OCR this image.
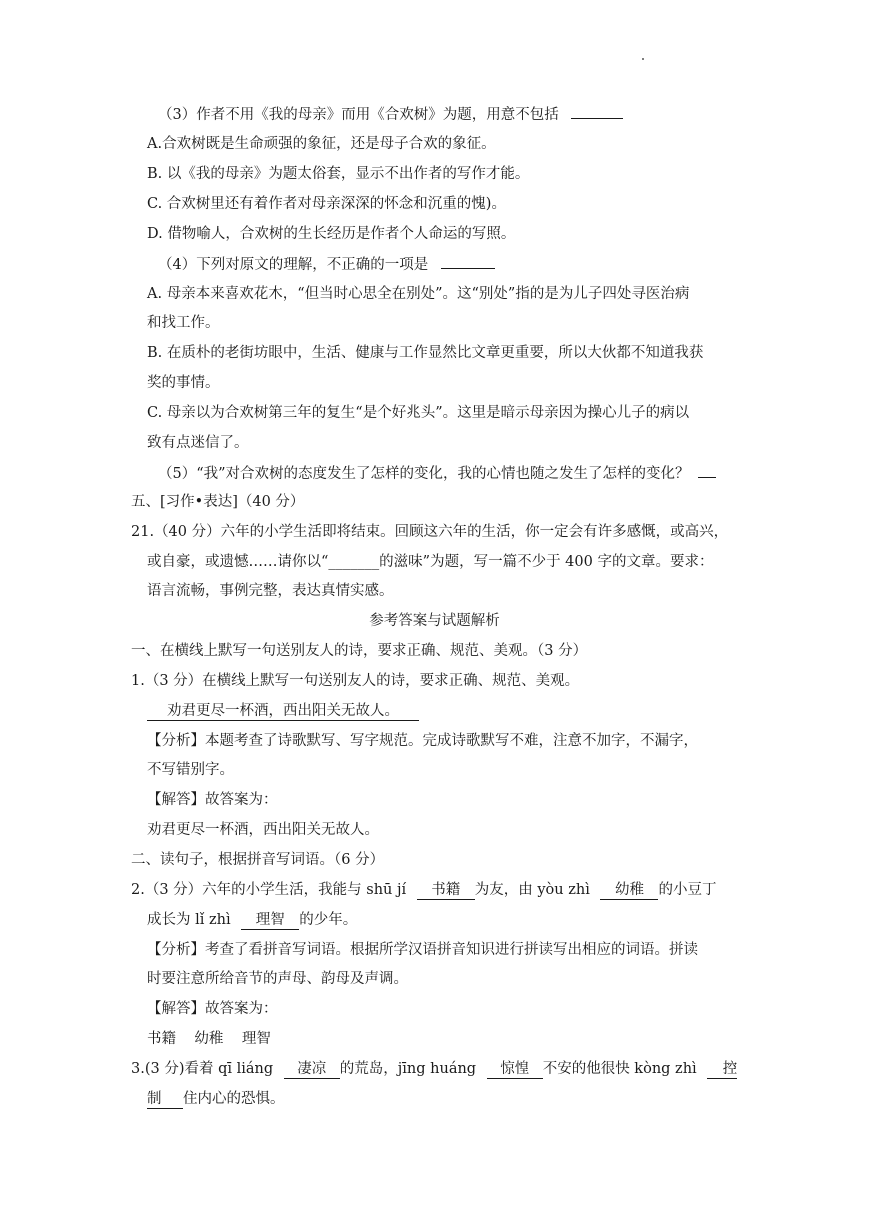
（3）作者不用《我的母亲》而用《合欢树》为题，用意不包括
A.合欢树既是生命顽强的象征，还是母子合欢的象征。
B. 以《我的母亲》为题太俗套，显示不出作者的写作才能。
C. 合欢树里还有着作者对母亲深深的怀念和沉重的愧)。
D. 借物喻人，合欢树的生长经历是作者个人命运的写照。
（4）下列对原文的理解，不正确的一项是
A. 母亲本来喜欢花木，“但当时心思全在别处”。这“别处”指的是为儿子四处寻医治病
和找工作。
B. 在质朴的老街坊眼中，生活、健康与工作显然比文章更重要，所以大伙都不知道我获
奖的事情。
C. 母亲以为合欢树第三年的复生“是个好兆头”。这里是暗示母亲因为操心儿子的病以
致有点迷信了。
（5）“我”对合欢树的态度发生了怎样的变化，我的心情也随之发生了怎样的变化？
五、[习作•表达]（40 分）
21.（40 分）六年的小学生活即将结束。回顾这六年的生活，你一定会有许多感慨，或高兴，
或自豪，或遗憾……请你以“_______的滋味”为题，写一篇不少于 400 字的文章。要求：
语言流畅，事例完整，表达真情实感。
参考答案与试题解析
一、在横线上默写一句送别友人的诗，要求正确、规范、美观。（3 分）
1.（3 分）在横线上默写一句送别友人的诗，要求正确、规范、美观。
劝君更尽一杯酒，西出阳关无故人。
【分析】本题考查了诗歌默写、写字规范。完成诗歌默写不难，注意不加字，不漏字，
不写错别字。
【解答】故答案为：
劝君更尽一杯酒，西出阳关无故人。
二、读句子，根据拼音写词语。（6 分）
2.（3 分）六年的小学生活，我能与 shū jí 书籍 为友，由 yòu zhì 幼稚 的小豆丁
成长为 lǐ zhì 理智 的少年。
【分析】考查了看拼音写词语。根据所学汉语拼音知识进行拼读写出相应的词语。拼读
时要注意所给音节的声母、韵母及声调。
【解答】故答案为：
书籍    幼稚    理智
3.(3 分)看着 qī liáng 凄凉 的荒岛，jīng huáng 惊惶 不安的他很快 kòng zhì 控
制 住内心的恐惧。
